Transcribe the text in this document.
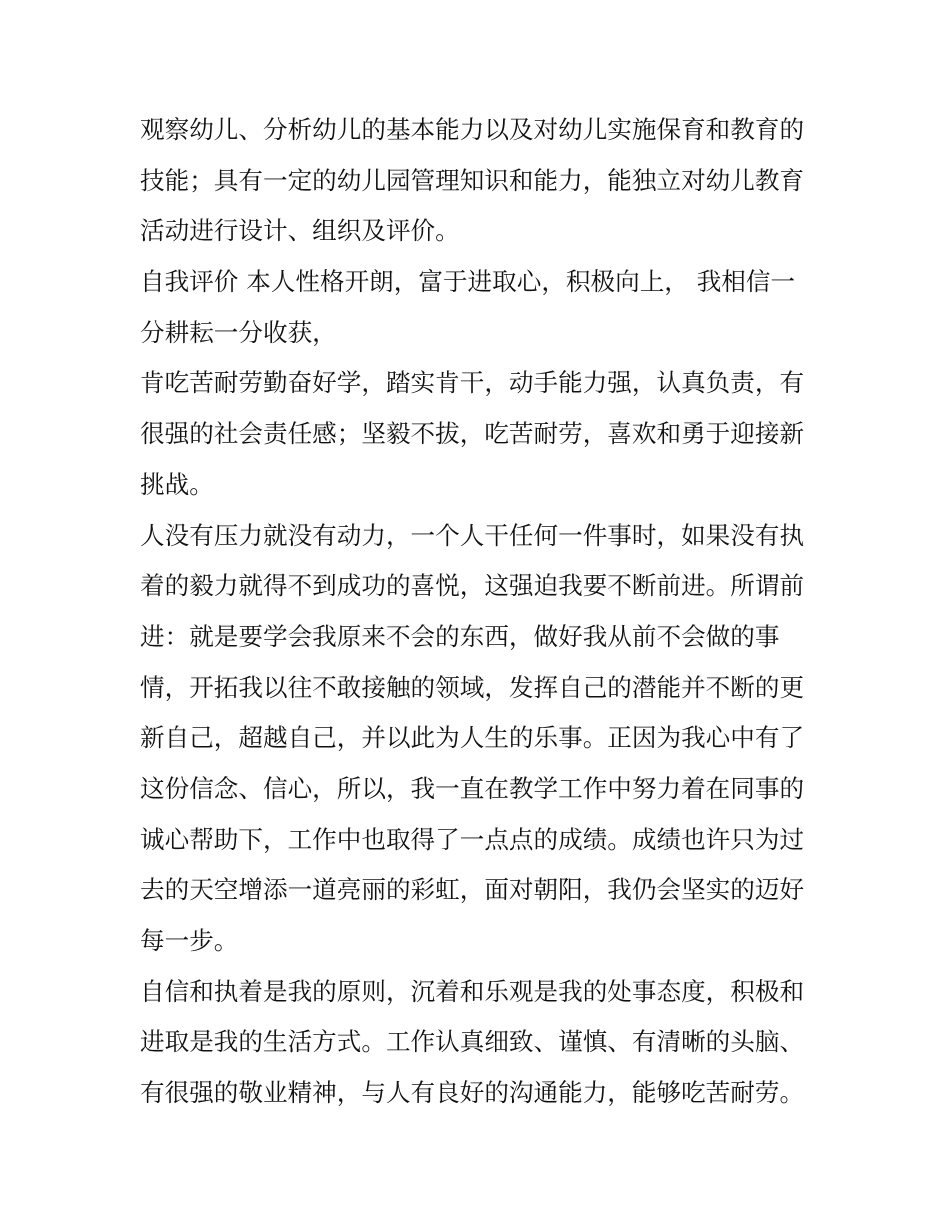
观察幼儿、分析幼儿的基本能力以及对幼儿实施保育和教育的
技能；具有一定的幼儿园管理知识和能力，能独立对幼儿教育
活动进行设计、组织及评价。
自我评价 本人性格开朗，富于进取心，积极向上， 我相信一
分耕耘一分收获，
肯吃苦耐劳勤奋好学，踏实肯干，动手能力强，认真负责，有
很强的社会责任感；坚毅不拔，吃苦耐劳，喜欢和勇于迎接新
挑战。
人没有压力就没有动力，一个人干任何一件事时，如果没有执
着的毅力就得不到成功的喜悦，这强迫我要不断前进。所谓前
进：就是要学会我原来不会的东西，做好我从前不会做的事
情，开拓我以往不敢接触的领域，发挥自己的潜能并不断的更
新自己，超越自己，并以此为人生的乐事。正因为我心中有了
这份信念、信心，所以，我一直在教学工作中努力着在同事的
诚心帮助下，工作中也取得了一点点的成绩。成绩也许只为过
去的天空增添一道亮丽的彩虹，面对朝阳，我仍会坚实的迈好
每一步。
自信和执着是我的原则，沉着和乐观是我的处事态度，积极和
进取是我的生活方式。工作认真细致、谨慎、有清晰的头脑、
有很强的敬业精神，与人有良好的沟通能力，能够吃苦耐劳。
